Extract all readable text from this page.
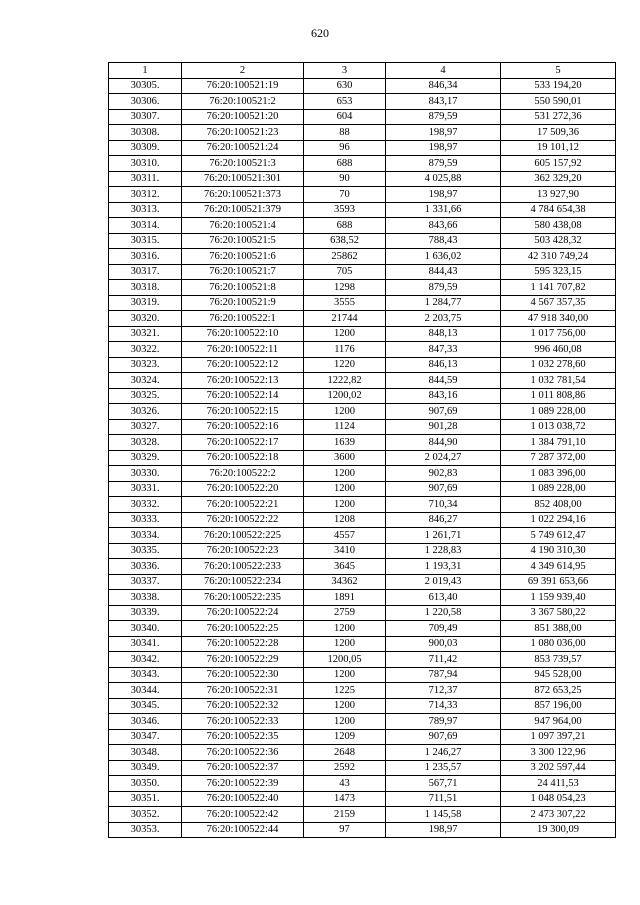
620
1	2	3	4	5
30305.	76:20:100521:19	630	846,34	533 194,20
30306.	76:20:100521:2	653	843,17	550 590,01
30307.	76:20:100521:20	604	879,59	531 272,36
30308.	76:20:100521:23	88	198,97	17 509,36
30309.	76:20:100521:24	96	198,97	19 101,12
30310.	76:20:100521:3	688	879,59	605 157,92
30311.	76:20:100521:301	90	4 025,88	362 329,20
30312.	76:20:100521:373	70	198,97	13 927,90
30313.	76:20:100521:379	3593	1 331,66	4 784 654,38
30314.	76:20:100521:4	688	843,66	580 438,08
30315.	76:20:100521:5	638,52	788,43	503 428,32
30316.	76:20:100521:6	25862	1 636,02	42 310 749,24
30317.	76:20:100521:7	705	844,43	595 323,15
30318.	76:20:100521:8	1298	879,59	1 141 707,82
30319.	76:20:100521:9	3555	1 284,77	4 567 357,35
30320.	76:20:100522:1	21744	2 203,75	47 918 340,00
30321.	76:20:100522:10	1200	848,13	1 017 756,00
30322.	76:20:100522:11	1176	847,33	996 460,08
30323.	76:20:100522:12	1220	846,13	1 032 278,60
30324.	76:20:100522:13	1222,82	844,59	1 032 781,54
30325.	76:20:100522:14	1200,02	843,16	1 011 808,86
30326.	76:20:100522:15	1200	907,69	1 089 228,00
30327.	76:20:100522:16	1124	901,28	1 013 038,72
30328.	76:20:100522:17	1639	844,90	1 384 791,10
30329.	76:20:100522:18	3600	2 024,27	7 287 372,00
30330.	76:20:100522:2	1200	902,83	1 083 396,00
30331.	76:20:100522:20	1200	907,69	1 089 228,00
30332.	76:20:100522:21	1200	710,34	852 408,00
30333.	76:20:100522:22	1208	846,27	1 022 294,16
30334.	76:20:100522:225	4557	1 261,71	5 749 612,47
30335.	76:20:100522:23	3410	1 228,83	4 190 310,30
30336.	76:20:100522:233	3645	1 193,31	4 349 614,95
30337.	76:20:100522:234	34362	2 019,43	69 391 653,66
30338.	76:20:100522:235	1891	613,40	1 159 939,40
30339.	76:20:100522:24	2759	1 220,58	3 367 580,22
30340.	76:20:100522:25	1200	709,49	851 388,00
30341.	76:20:100522:28	1200	900,03	1 080 036,00
30342.	76:20:100522:29	1200,05	711,42	853 739,57
30343.	76:20:100522:30	1200	787,94	945 528,00
30344.	76:20:100522:31	1225	712,37	872 653,25
30345.	76:20:100522:32	1200	714,33	857 196,00
30346.	76:20:100522:33	1200	789,97	947 964,00
30347.	76:20:100522:35	1209	907,69	1 097 397,21
30348.	76:20:100522:36	2648	1 246,27	3 300 122,96
30349.	76:20:100522:37	2592	1 235,57	3 202 597,44
30350.	76:20:100522:39	43	567,71	24 411,53
30351.	76:20:100522:40	1473	711,51	1 048 054,23
30352.	76:20:100522:42	2159	1 145,58	2 473 307,22
30353.	76:20:100522:44	97	198,97	19 300,09
